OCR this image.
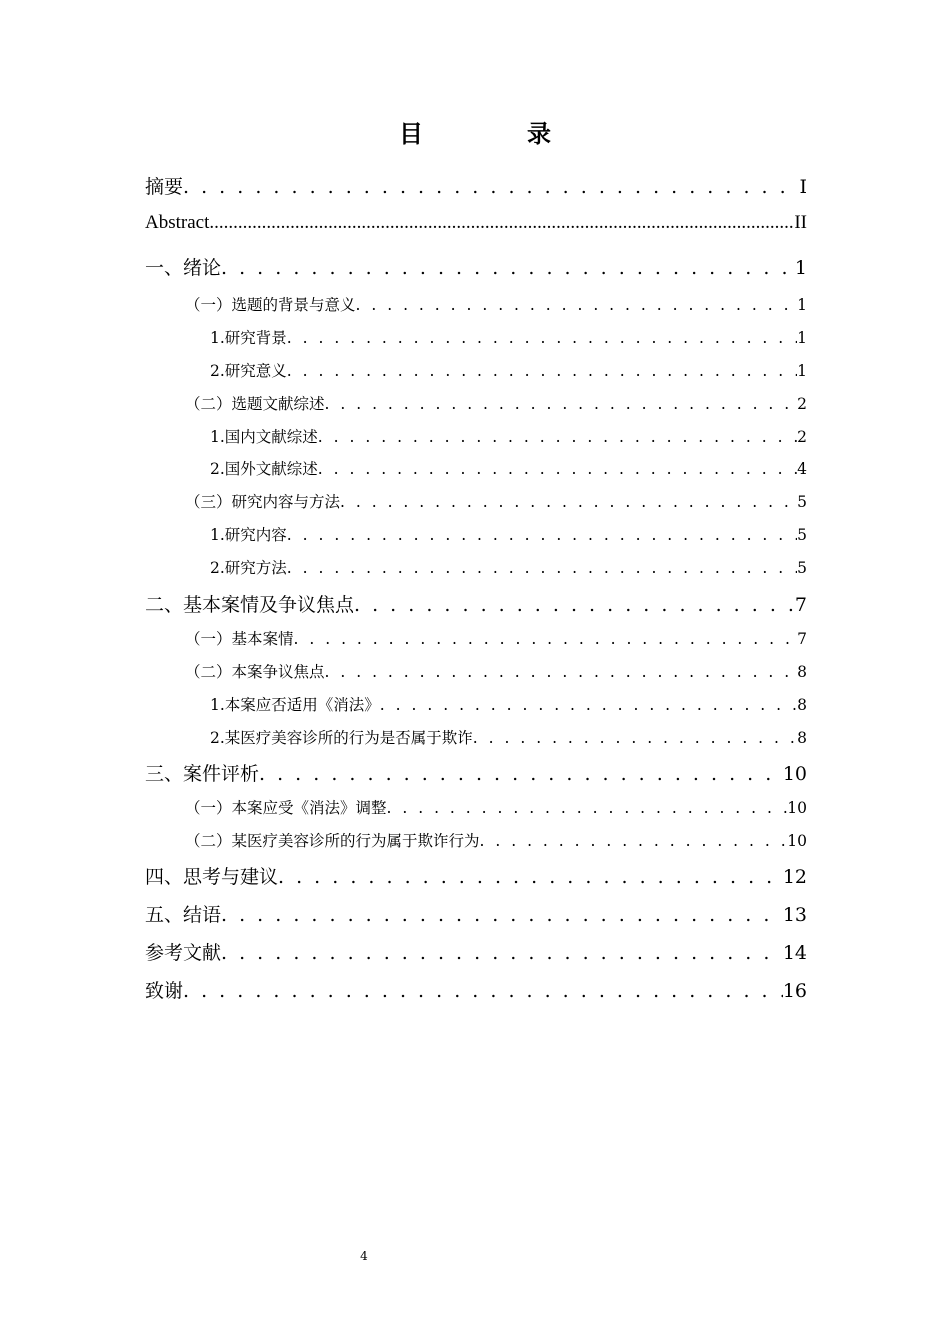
目　录
摘要 . . .	Ⅰ
Abstract .....	II
一、绪论 . . .	1
（一）选题的背景与意义 . . .	1
1.研究背景 . . .	1
2.研究意义 . . .	1
（二）选题文献综述 . . .	2
1.国内文献综述 . . .	2
2.国外文献综述 . . .	4
（三）研究内容与方法 . . .	5
1.研究内容 . . .	5
2.研究方法 . . .	5
二、基本案情及争议焦点 . . .	7
（一）基本案情 . . .	7
（二）本案争议焦点 . . .	8
1.本案应否适用《消法》 . . .	8
2.某医疗美容诊所的行为是否属于欺诈 . . .	8
三、案件评析 . . .	10
（一）本案应受《消法》调整 . . .	10
（二）某医疗美容诊所的行为属于欺诈行为 . . .	10
四、思考与建议 . . .	12
五、结语 . . .	13
参考文献 . . .	14
致谢 . . .	16
4
